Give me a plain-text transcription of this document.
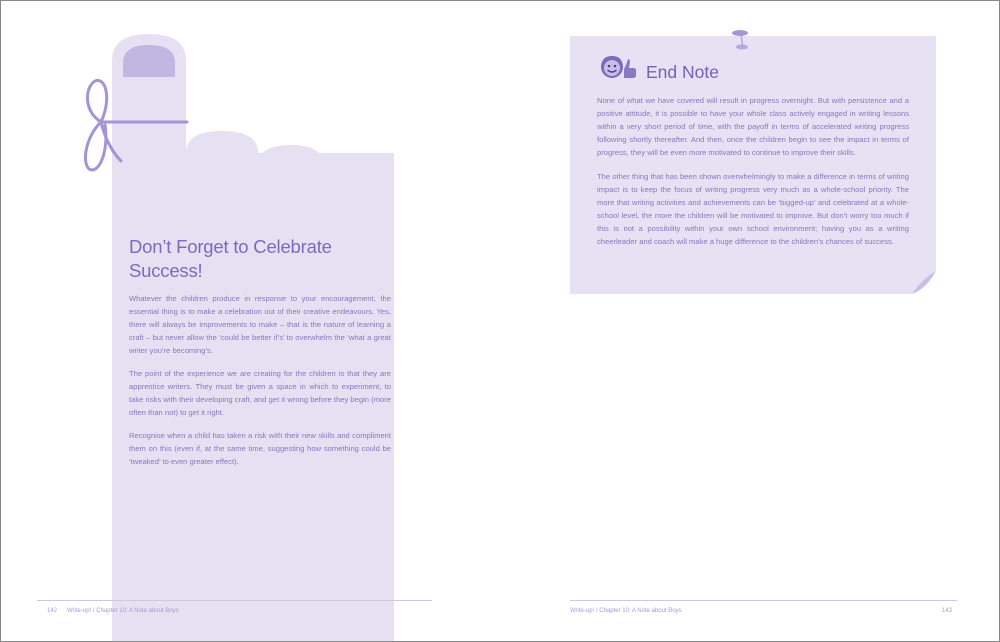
Don’t Forget to Celebrate Success!

Whatever the children produce in response to your encouragement, the essential thing is to make a celebration out of their creative endeavours. Yes, there will always be improvements to make – that is the nature of learning a craft – but never allow the ‘could be better if’s’ to overwhelm the ‘what a great writer you’re becoming’s.

The point of the experience we are creating for the children is that they are apprentice writers. They must be given a space in which to experiment, to take risks with their developing craft, and get it wrong before they begin (more often than not) to get it right.

Recognise when a child has taken a risk with their new skills and compliment them on this (even if, at the same time, suggesting how something could be ‘tweaked’ to even greater effect).

End Note

None of what we have covered will result in progress overnight. But with persistence and a positive attitude, it is possible to have your whole class actively engaged in writing lessons within a very short period of time, with the payoff in terms of accelerated writing progress following shortly thereafter. And then, once the children begin to see the impact in terms of progress, they will be even more motivated to continue to improve their skills.

The other thing that has been shown overwhelmingly to make a difference in terms of writing impact is to keep the focus of writing progress very much as a whole-school priority. The more that writing activities and achievements can be ‘bigged-up’ and celebrated at a whole-school level, the more the children will be motivated to improve. But don’t worry too much if this is not a possibility within your own school environment; having you as a writing cheerleader and coach will make a huge difference to the children’s chances of success.

142 Write-up! / Chapter 10: A Note about Boys	Write-up! / Chapter 10: A Note about Boys	143
